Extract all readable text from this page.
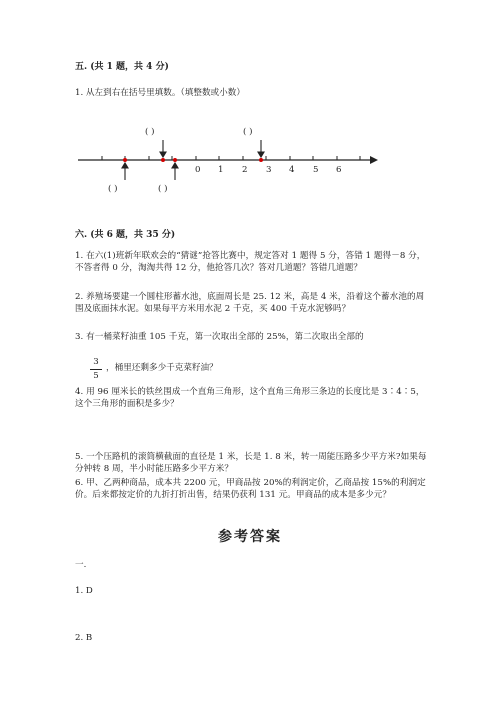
五. (共 1 题，共 4 分)
1. 从左到右在括号里填数。（填整数或小数）
( )	( )
( )	( )
0 1 2 3 4 5 6
六. (共 6 题，共 35 分)
1. 在六(1)班新年联欢会的“猜谜”抢答比赛中，规定答对 1 题得 5 分，答错 1 题得－8 分，不答者得 0 分，淘淘共得 12 分，他抢答几次？答对几道题？答错几道题？
2. 养殖场要建一个圆柱形蓄水池，底面周长是 25. 12 米，高是 4 米，沿着这个蓄水池的周围及底面抹水泥。如果每平方米用水泥 2 千克，买 400 千克水泥够吗？
3. 有一桶菜籽油重 105 千克，第一次取出全部的 25%，第二次取出全部的
3
5
，桶里还剩多少千克菜籽油？
4. 用 96 厘米长的铁丝围成一个直角三角形，这个直角三角形三条边的长度比是 3∶4∶5，这个三角形的面积是多少？
5. 一个压路机的滚筒横截面的直径是 1 米，长是 1. 8 米，转一周能压路多少平方米?如果每分钟转 8 周，半小时能压路多少平方米？
6. 甲、乙两种商品，成本共 2200 元，甲商品按 20%的利润定价，乙商品按 15%的利润定价。后来都按定价的九折打折出售，结果仍获利 131 元。甲商品的成本是多少元？
参考答案
一.
1. D
2. B
